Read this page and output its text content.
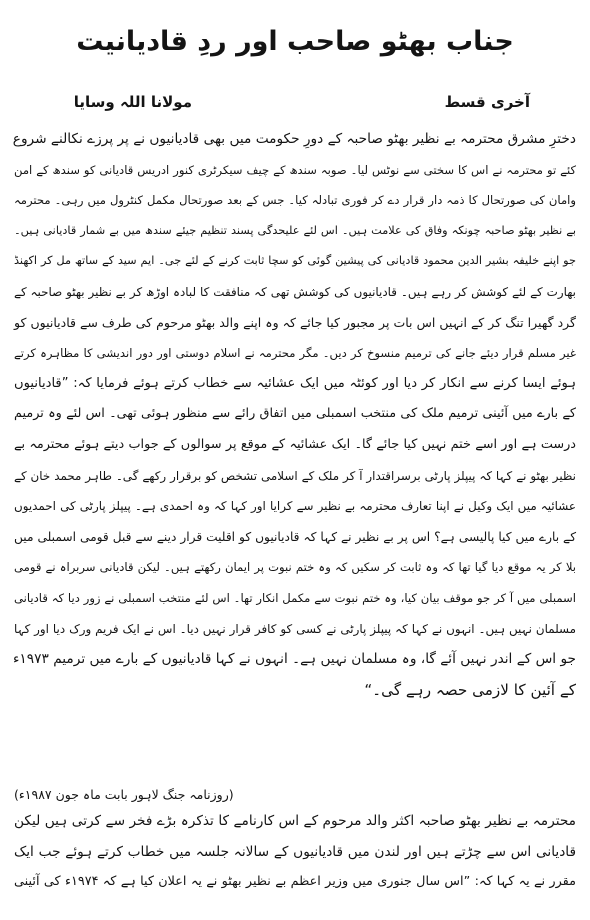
جناب بھٹو صاحب اور ردِ قادیانیت
مولانا اللہ وسایا	آخری قسط
دخترِ مشرق محترمہ بے نظیر بھٹو صاحبہ کے دورِ حکومت میں بھی قادیانیوں نے پر پرزے نکالنے شروع
کئے تو محترمہ نے اس کا سختی سے نوٹس لیا۔ صوبہ سندھ کے چیف سیکرٹری کنور ادریس قادیانی کو سندھ کے امن
وامان کی صورتحال کا ذمہ دار قرار دے کر فوری تبادلہ کیا۔ جس کے بعد صورتحال مکمل کنٹرول میں رہی۔ محترمہ
بے نظیر بھٹو صاحبہ چونکہ وفاق کی علامت ہیں۔ اس لئے علیحدگی پسند تنظیم جیئے سندھ میں بے شمار قادیانی ہیں۔
جو اپنے خلیفہ بشیر الدین محمود قادیانی کی پیشین گوئی کو سچا ثابت کرنے کے لئے جی۔ ایم سید کے ساتھ مل کر اکھنڈ
بھارت کے لئے کوشش کر رہے ہیں۔ قادیانیوں کی کوشش تھی کہ منافقت کا لبادہ اوڑھ کر بے نظیر بھٹو صاحبہ کے
گرد گھیرا تنگ کر کے انہیں اس بات پر مجبور کیا جائے کہ وہ اپنے والد بھٹو مرحوم کی طرف سے قادیانیوں کو
غیر مسلم قرار دیئے جانے کی ترمیم منسوخ کر دیں۔ مگر محترمہ نے اسلام دوستی اور دور اندیشی کا مظاہرہ کرتے
ہوئے ایسا کرنے سے انکار کر دیا اور کوئٹہ میں ایک عشائیہ سے خطاب کرتے ہوئے فرمایا کہ: ”قادیانیوں
کے بارے میں آئینی ترمیم ملک کی منتخب اسمبلی میں اتفاق رائے سے منظور ہوئی تھی۔ اس لئے وہ ترمیم
درست ہے اور اسے ختم نہیں کیا جائے گا۔ ایک عشائیہ کے موقع پر سوالوں کے جواب دیتے ہوئے محترمہ بے
نظیر بھٹو نے کہا کہ پیپلز پارٹی برسراقتدار آ کر ملک کے اسلامی تشخص کو برقرار رکھے گی۔ طاہر محمد خان کے
عشائیہ میں ایک وکیل نے اپنا تعارف محترمہ بے نظیر سے کرایا اور کہا کہ وہ احمدی ہے۔ پیپلز پارٹی کی احمدیوں
کے بارے میں کیا پالیسی ہے؟ اس پر بے نظیر نے کہا کہ قادیانیوں کو اقلیت قرار دینے سے قبل قومی اسمبلی میں
بلا کر یہ موقع دیا گیا تھا کہ وہ ثابت کر سکیں کہ وہ ختم نبوت پر ایمان رکھتے ہیں۔ لیکن قادیانی سربراہ نے قومی
اسمبلی میں آ کر جو موقف بیان کیا، وہ ختم نبوت سے مکمل انکار تھا۔ اس لئے منتخب اسمبلی نے زور دیا کہ قادیانی
مسلمان نہیں ہیں۔ انہوں نے کہا کہ پیپلز پارٹی نے کسی کو کافر قرار نہیں دیا۔ اس نے ایک فریم ورک دیا اور کہا
جو اس کے اندر نہیں آئے گا، وہ مسلمان نہیں ہے۔ انہوں نے کہا قادیانیوں کے بارے میں ترمیم ۱۹۷۳ء
کے آئین کا لازمی حصہ رہے گی۔“
(روزنامہ جنگ لاہور بابت ماہ جون ۱۹۸۷ء)
محترمہ بے نظیر بھٹو صاحبہ اکثر والد مرحوم کے اس کارنامے کا تذکرہ بڑے فخر سے کرتی ہیں لیکن
قادیانی اس سے چڑتے ہیں اور لندن میں قادیانیوں کے سالانہ جلسہ میں خطاب کرتے ہوئے جب ایک
مقرر نے یہ کہا کہ: ”اس سال جنوری میں وزیر اعظم بے نظیر بھٹو نے یہ اعلان کیا ہے کہ ۱۹۷۴ء کی آئینی
